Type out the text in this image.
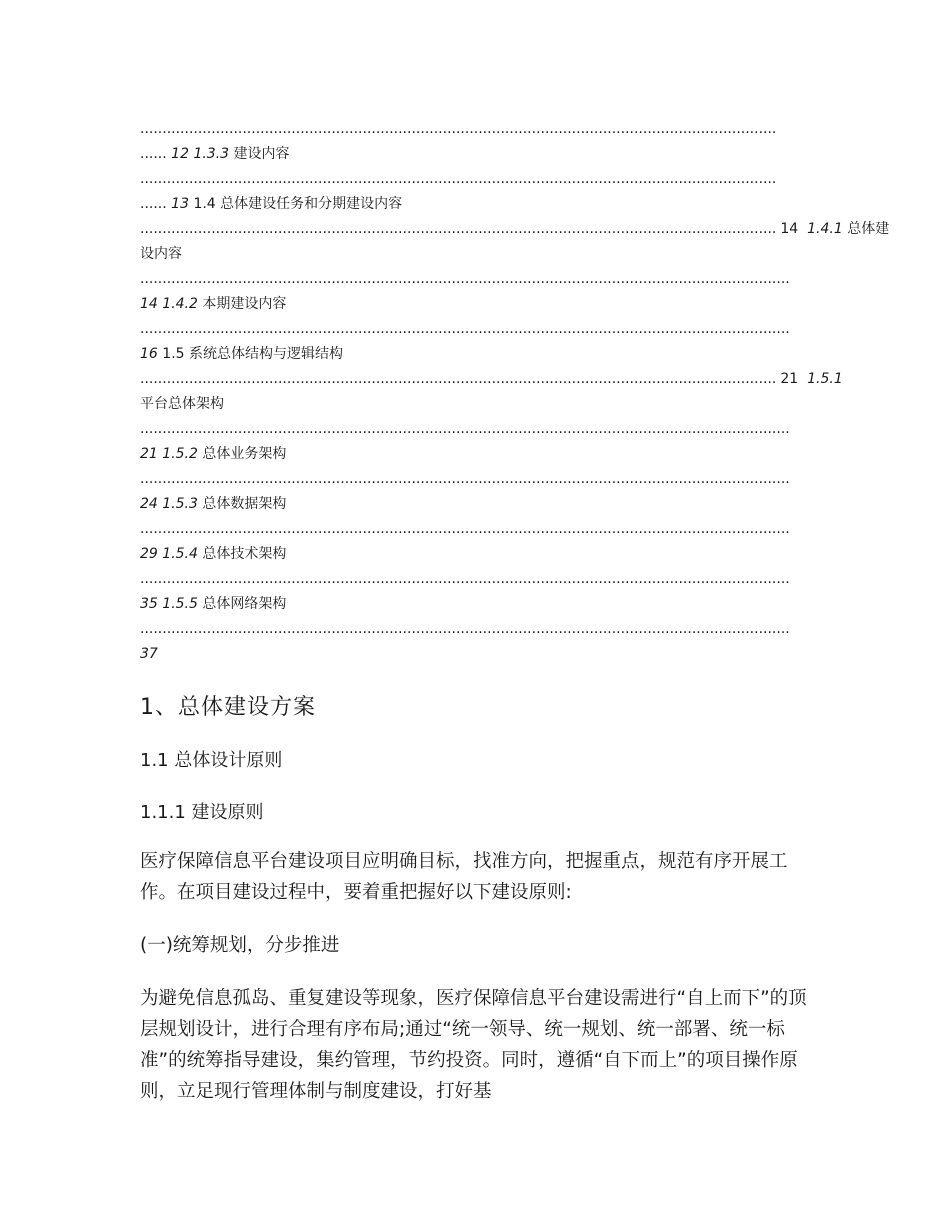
...............................................................................................................................................
...... 12 1.3.3 建设内容
...............................................................................................................................................
...... 13 1.4 总体建设任务和分期建设内容
............................................................................................................................................... 14 1.4.1 总体建
设内容
..................................................................................................................................................
14 1.4.2 本期建设内容
..................................................................................................................................................
16 1.5 系统总体结构与逻辑结构
............................................................................................................................................... 21 1.5.1
平台总体架构
..................................................................................................................................................
21 1.5.2 总体业务架构
..................................................................................................................................................
24 1.5.3 总体数据架构
..................................................................................................................................................
29 1.5.4 总体技术架构
..................................................................................................................................................
35 1.5.5 总体网络架构
..................................................................................................................................................
37
1、总体建设方案
1.1 总体设计原则
1.1.1 建设原则

医疗保障信息平台建设项目应明确目标，找准方向，把握重点，规范有序开展工作。在项目建设过程中，要着重把握好以下建设原则:

(一)统筹规划，分步推进

为避免信息孤岛、重复建设等现象，医疗保障信息平台建设需进行“自上而下”的顶层规划设计，进行合理有序布局;通过“统一领导、统一规划、统一部署、统一标准”的统筹指导建设，集约管理，节约投资。同时，遵循“自下而上”的项目操作原则，立足现行管理体制与制度建设，打好基
